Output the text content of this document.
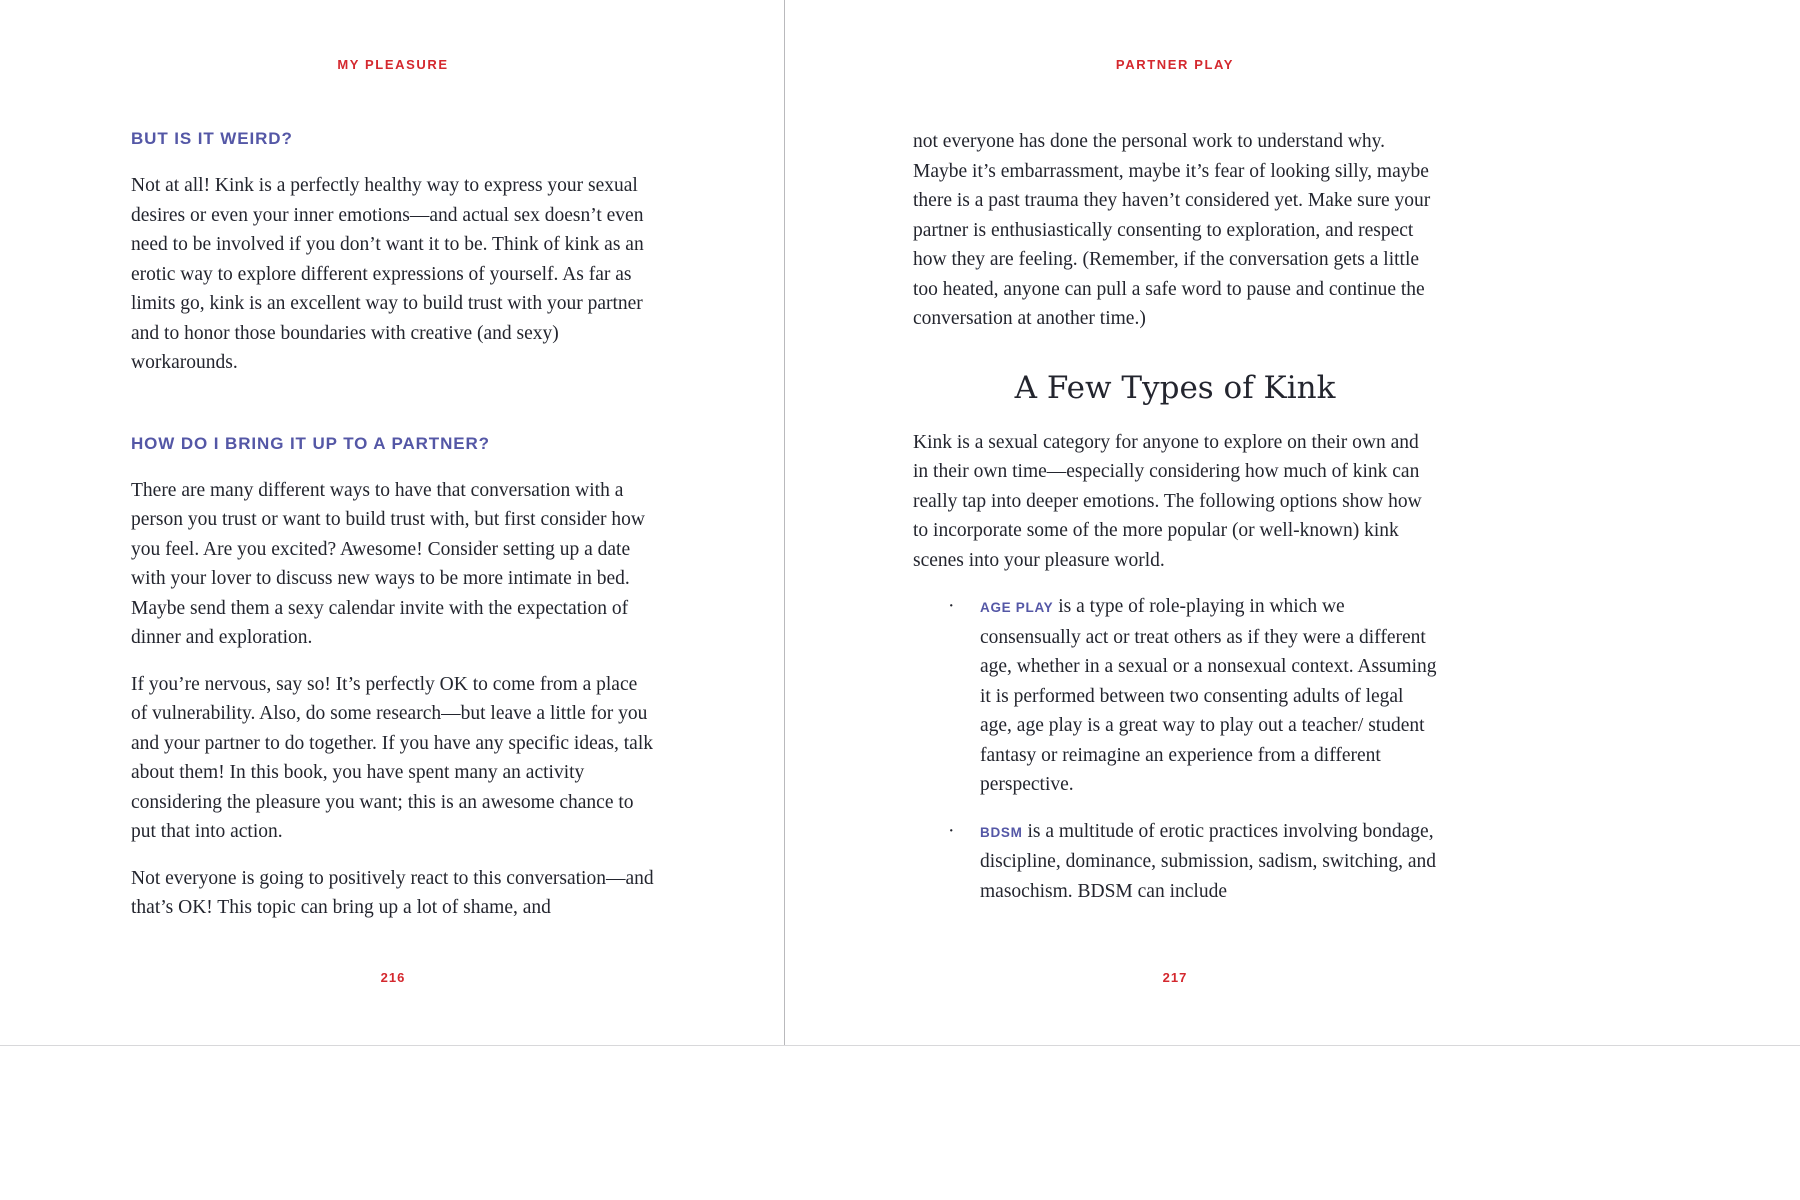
MY PLEASURE
BUT IS IT WEIRD?

Not at all! Kink is a perfectly healthy way to express your sexual desires or even your inner emotions—and actual sex doesn’t even need to be involved if you don’t want it to be. Think of kink as an erotic way to explore different expressions of yourself. As far as limits go, kink is an excellent way to build trust with your partner and to honor those boundaries with creative (and sexy) workarounds.

HOW DO I BRING IT UP TO A PARTNER?

There are many different ways to have that conversation with a person you trust or want to build trust with, but first consider how you feel. Are you excited? Awesome! Consider setting up a date with your lover to discuss new ways to be more intimate in bed. Maybe send them a sexy calendar invite with the expectation of dinner and exploration.

If you’re nervous, say so! It’s perfectly OK to come from a place of vulnerability. Also, do some research—but leave a little for you and your partner to do together. If you have any specific ideas, talk about them! In this book, you have spent many an activity considering the pleasure you want; this is an awesome chance to put that into action.

Not everyone is going to positively react to this conversation—and that’s OK! This topic can bring up a lot of shame, and

216
PARTNER PLAY

not everyone has done the personal work to understand why. Maybe it’s embarrassment, maybe it’s fear of looking silly, maybe there is a past trauma they haven’t considered yet. Make sure your partner is enthusiastically consenting to exploration, and respect how they are feeling. (Remember, if the conversation gets a little too heated, anyone can pull a safe word to pause and continue the conversation at another time.)

A Few Types of Kink

Kink is a sexual category for anyone to explore on their own and in their own time—especially considering how much of kink can really tap into deeper emotions. The following options show how to incorporate some of the more popular (or well-known) kink scenes into your pleasure world.

· AGE PLAY is a type of role-playing in which we consensually act or treat others as if they were a different age, whether in a sexual or a nonsexual context. Assuming it is performed between two consenting adults of legal age, age play is a great way to play out a teacher/ student fantasy or reimagine an experience from a different perspective.
· BDSM is a multitude of erotic practices involving bondage, discipline, dominance, submission, sadism, switching, and masochism. BDSM can include
217
